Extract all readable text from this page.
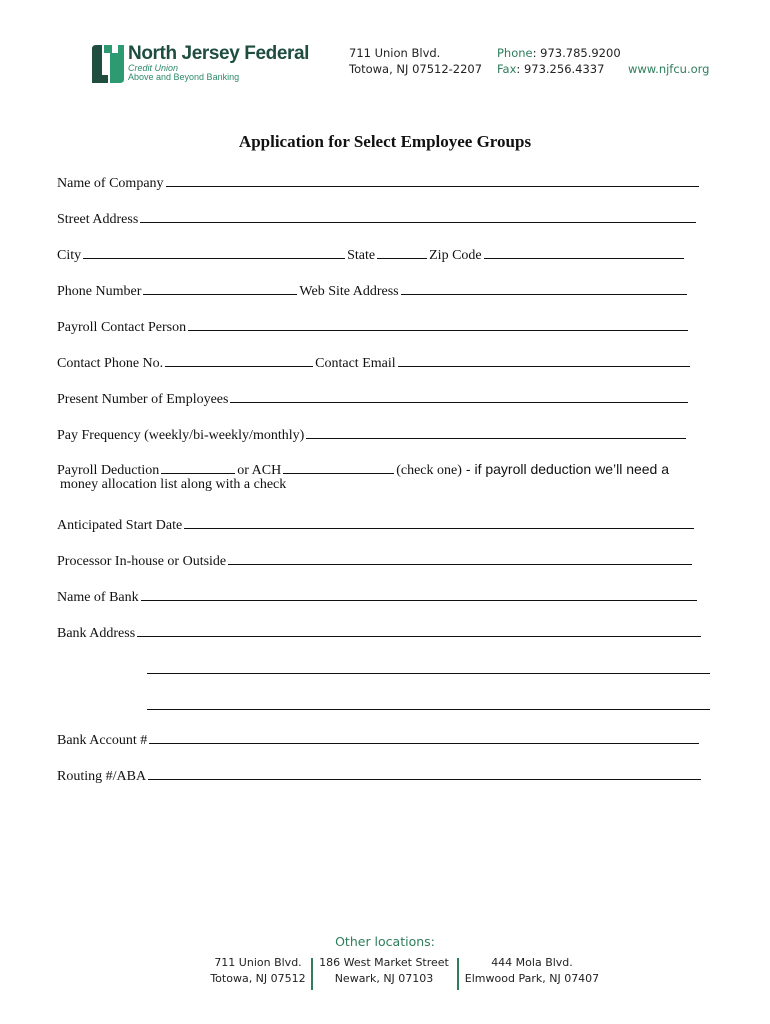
North Jersey Federal
Credit Union
Above and Beyond Banking
711 Union Blvd.
Totowa, NJ 07512-2207
Phone: 973.785.9200
Fax: 973.256.4337	www.njfcu.org
Application for Select Employee Groups
Name of Company
Street Address
City	State	Zip Code
Phone Number	Web Site Address
Payroll Contact Person
Contact Phone No.	Contact Email
Present Number of Employees
Pay Frequency (weekly/bi-weekly/monthly)
Payroll Deduction	or ACH	(check one) - if payroll deduction we’ll need a
money allocation list along with a check
Anticipated Start Date
Processor In-house or Outside
Name of Bank
Bank Address
Bank Account #
Routing #/ABA
Other locations:
711 Union Blvd.
Totowa, NJ 07512
186 West Market Street
Newark, NJ 07103
444 Mola Blvd.
Elmwood Park, NJ 07407
